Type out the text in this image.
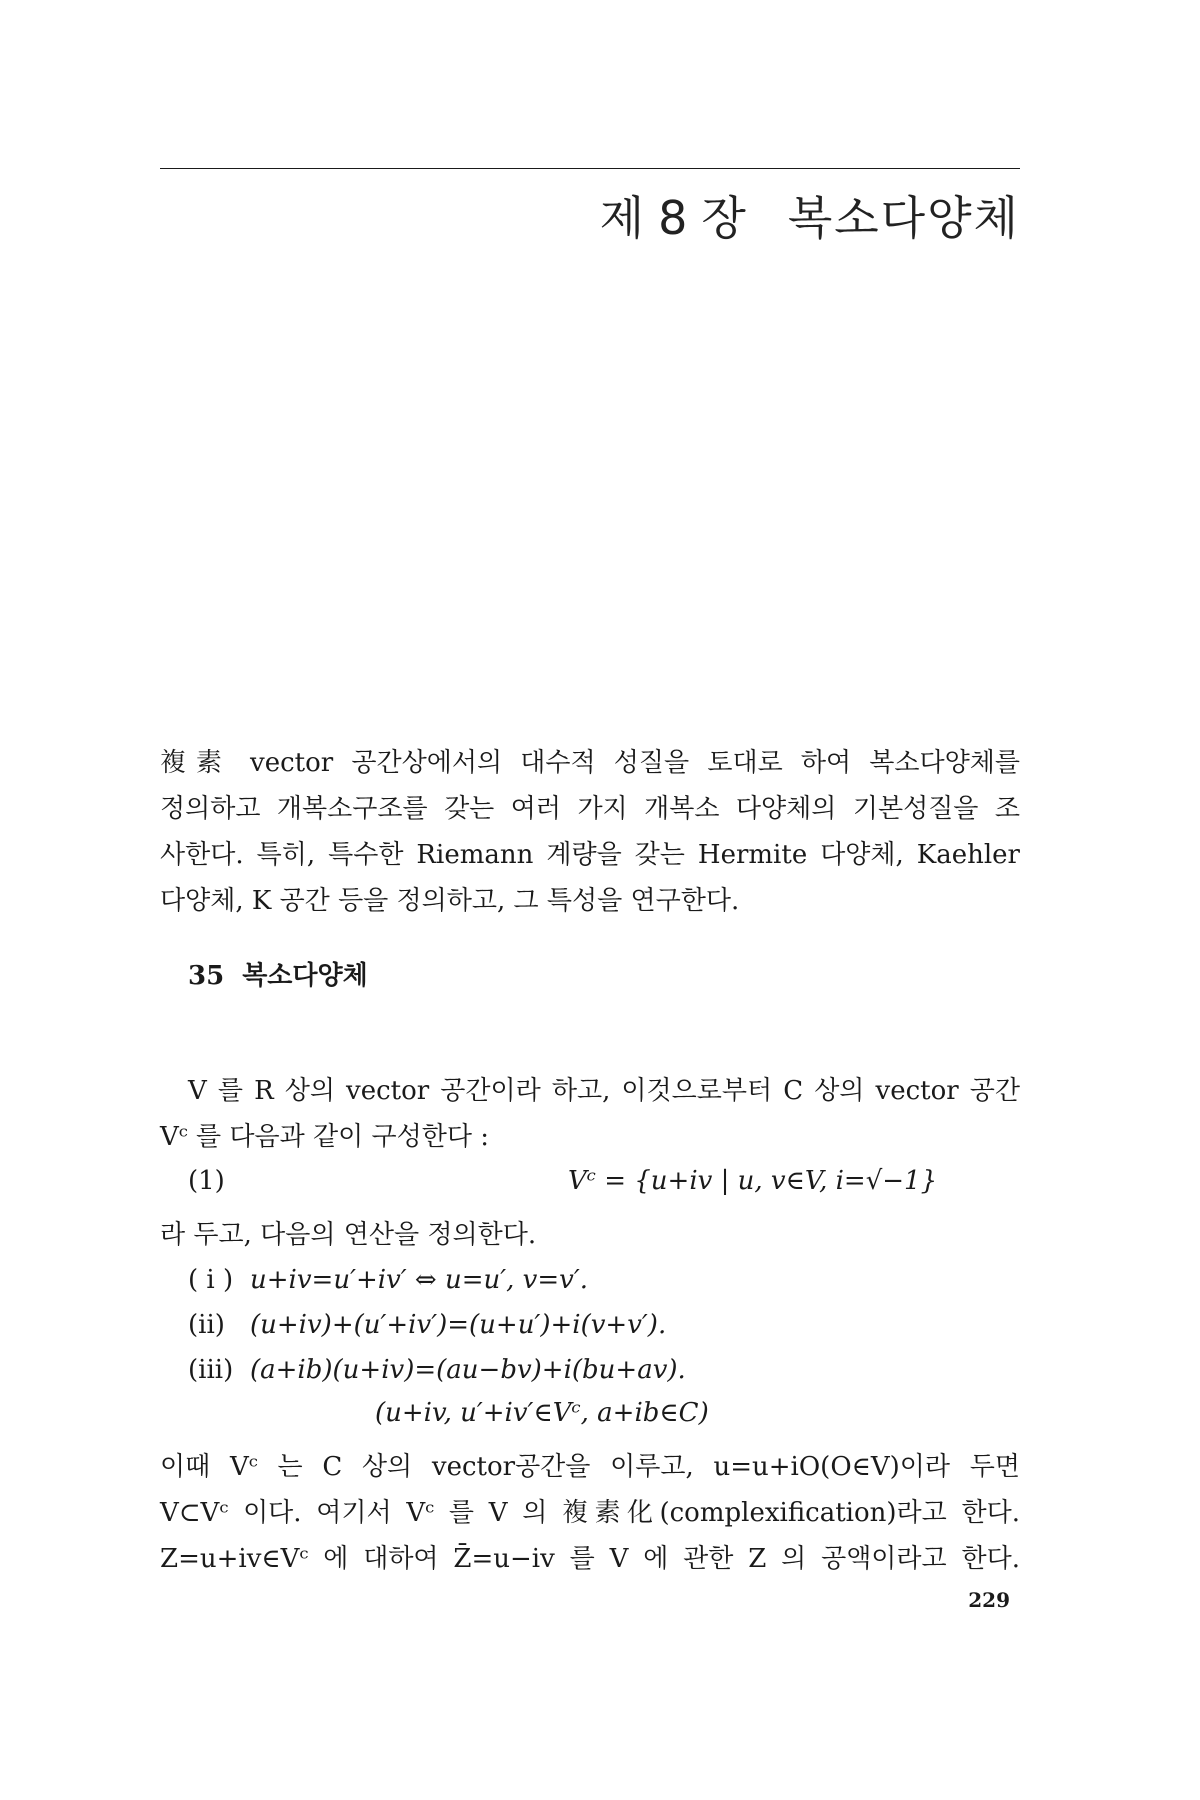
제 8 장 복소다양체
複素 vector 공간상에서의 대수적 성질을 토대로 하여 복소다양체를
정의하고 개복소구조를 갖는 여러 가지 개복소 다양체의 기본성질을 조
사한다. 특히, 특수한 Riemann 계량을 갖는 Hermite 다양체, Kaehler
다양체, K 공간 등을 정의하고, 그 특성을 연구한다.
35 복소다양체
V 를 R 상의 vector 공간이라 하고, 이것으로부터 C 상의 vector 공간
Vᶜ 를 다음과 같이 구성한다 :
(1)	Vᶜ = {u+iv | u, v∈V, i=√−1}
라 두고, 다음의 연산을 정의한다.
( i ) u+iv=u′+iv′ ⇔ u=u′, v=v′.
(ii) (u+iv)+(u′+iv′)=(u+u′)+i(v+v′).
(iii) (a+ib)(u+iv)=(au−bv)+i(bu+av).
(u+iv, u′+iv′∈Vᶜ, a+ib∈C)
이때 Vᶜ 는 C 상의 vector공간을 이루고, u=u+iO(O∈V)이라 두면
V⊂Vᶜ 이다. 여기서 Vᶜ 를 V 의 複素化(complexification)라고 한다.
Z=u+iv∈Vᶜ 에 대하여 Z̄=u−iv 를 V 에 관한 Z 의 공액이라고 한다.
229
